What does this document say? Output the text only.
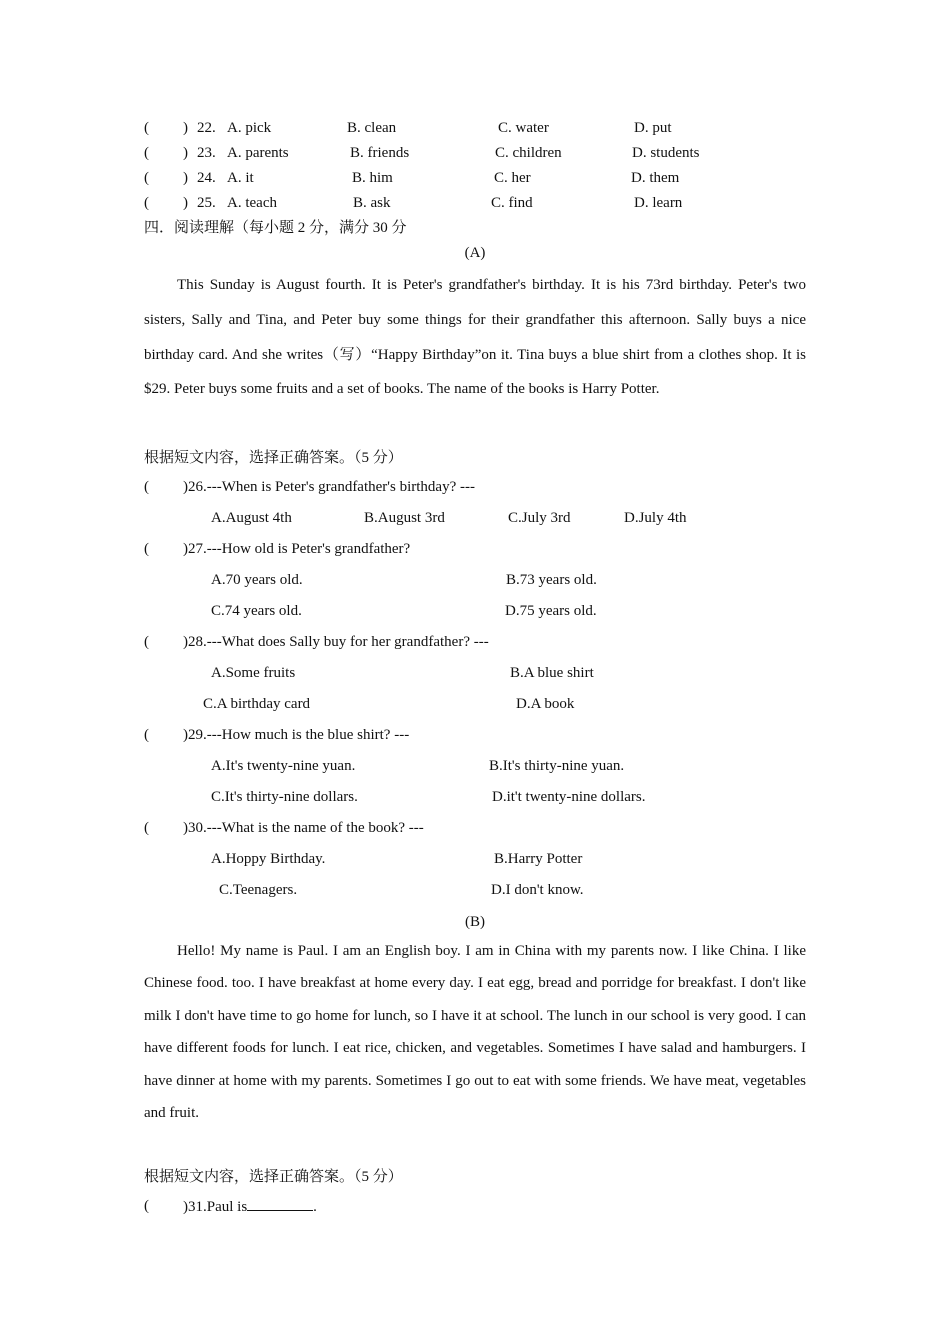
( ) 22. A. pick	B. clean	C. water	D. put
( ) 23. A. parents	B. friends	C. children	D. students
( ) 24. A. it	B. him	C. her	D. them
( ) 25. A. teach	B. ask	C. find	D. learn
四．阅读理解（每小题 2 分，满分 30 分
(A)
This Sunday is August fourth. It is Peter's grandfather's birthday. It is his 73rd birthday. Peter's two sisters, Sally and Tina, and Peter buy some things for their grandfather this afternoon. Sally buys a nice birthday card. And she writes（写）“Happy Birthday”on it. Tina buys a blue shirt from a clothes shop. It is $29. Peter buys some fruits and a set of books. The name of the books is Harry Potter.
根据短文内容，选择正确答案。（5 分）
( )26.---When is Peter's grandfather's birthday? ---
A.August 4th	B.August 3rd	C.July 3rd	D.July 4th
( )27.---How old is Peter's grandfather?
A.70 years old.	B.73 years old.
C.74 years old.	D.75 years old.
( )28.---What does Sally buy for her grandfather? ---
A.Some fruits	B.A blue shirt
C.A birthday card	D.A book
( )29.---How much is the blue shirt? ---
A.It's twenty-nine yuan.	B.It's thirty-nine yuan.
C.It's thirty-nine dollars.	D.it't twenty-nine dollars.
( )30.---What is the name of the book? ---
A.Hoppy Birthday.	B.Harry Potter
C.Teenagers.	D.I don't know.
(B)
Hello! My name is Paul. I am an English boy. I am in China with my parents now. I like China. I like Chinese food. too. I have breakfast at home every day. I eat egg, bread and porridge for breakfast. I don't like milk I don't have time to go home for lunch, so I have it at school. The lunch in our school is very good. I can have different foods for lunch. I eat rice, chicken, and vegetables. Sometimes I have salad and hamburgers. I have dinner at home with my parents. Sometimes I go out to eat with some friends. We have meat, vegetables and fruit.
根据短文内容，选择正确答案。（5 分）
( )31.Paul is	.
